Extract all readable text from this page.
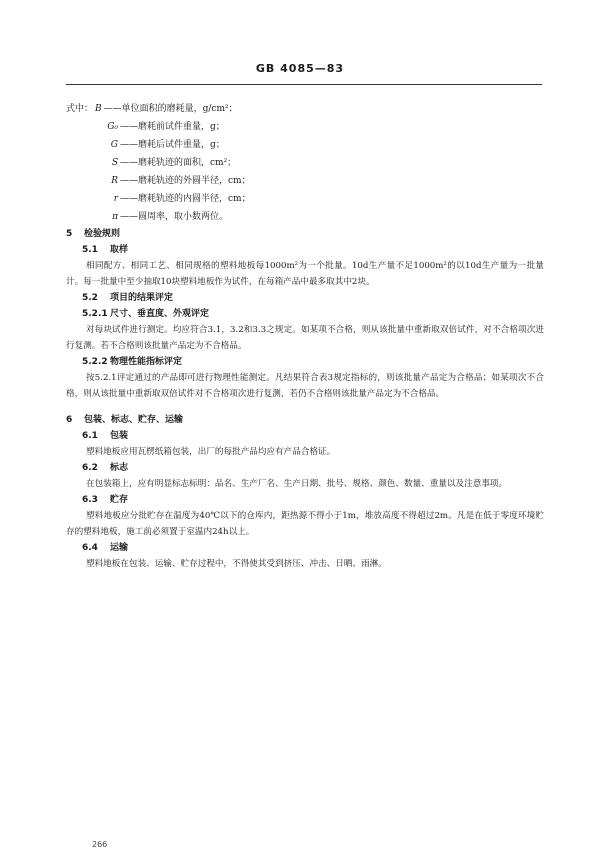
GB 4085—83
式中： B ——单位面积的磨耗量，g/cm²；
G₀ ——磨耗前试件重量，g；
G ——磨耗后试件重量，g；
S ——磨耗轨迹的面积，cm²；
R ——磨耗轨迹的外圆半径，cm；
r ——磨耗轨迹的内圆半径，cm；
π ——圆周率，取小数两位。
5 检验规则
5.1 取样

相同配方、相同工艺、相同规格的塑料地板每1000m²为一个批量。10d生产量不足1000m²的以10d生产量为一批量计。每一批量中至少抽取10块塑料地板作为试件，在每箱产品中最多取其中2块。

5.2 项目的结果评定
5.2.1 尺寸、垂直度、外观评定

对每块试件进行测定。均应符合3.1，3.2和3.3之规定。如某项不合格，则从该批量中重新取双倍试件，对不合格项次进行复测。若不合格则该批量产品定为不合格品。

5.2.2 物理性能指标评定

按5.2.1评定通过的产品即可进行物理性能测定。凡结果符合表3规定指标的，则该批量产品定为合格品；如某项次不合格，则从该批量中重新取双倍试件对不合格项次进行复测，若仍不合格则该批量产品定为不合格品。

6 包装、标志、贮存、运输
6.1 包装

塑料地板应用瓦楞纸箱包装，出厂的每批产品均应有产品合格证。

6.2 标志

在包装箱上，应有明显标志标明：品名、生产厂名、生产日期、批号、规格、颜色、数量、重量以及注意事项。

6.3 贮存

塑料地板应分批贮存在温度为40℃以下的仓库内，距热源不得小于1m，堆放高度不得超过2m。凡是在低于零度环境贮存的塑料地板，施工前必须置于室温内24h以上。

6.4 运输

塑料地板在包装、运输、贮存过程中，不得使其受到挤压、冲击、日晒、雨淋。

266
